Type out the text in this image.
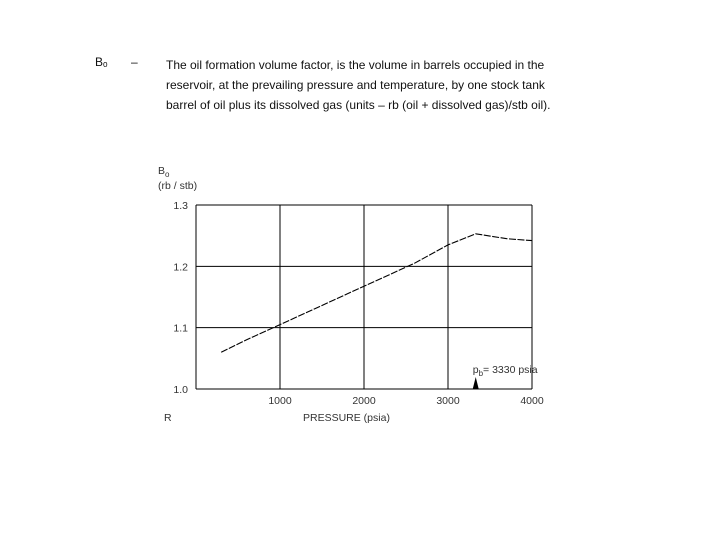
Bₒ – The oil formation volume factor, is the volume in barrels occupied in the
reservoir, at the prevailing pressure and temperature, by one stock tank
barrel of oil plus its dissolved gas (units – rb (oil + dissolved gas)/stb oil).
1000	2000	3000	4000
1.0
1.1
1.2
1.3
$B_o$
(rb / stb)
PRESSURE (psia)
R
$p_b= 3330$ psia
